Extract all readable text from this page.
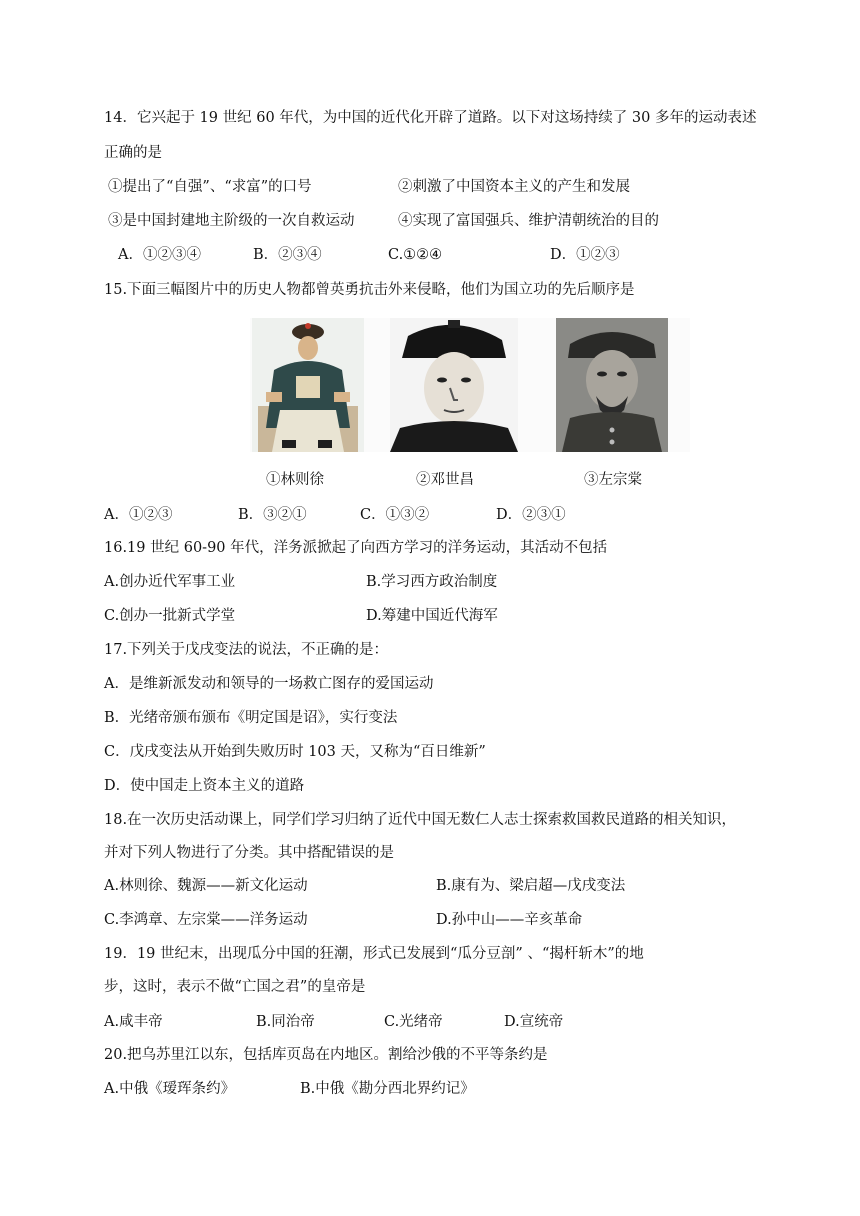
14．它兴起于 19 世纪 60 年代，为中国的近代化开辟了道路。以下对这场持续了 30 多年的运动表述
正确的是
①提出了“自强”、“求富”的口号	②刺激了中国资本主义的产生和发展
③是中国封建地主阶级的一次自救运动	④实现了富国强兵、维护清朝统治的目的
A．①②③④	B．②③④	C.①②④	D．①②③
15.下面三幅图片中的历史人物都曾英勇抗击外来侵略，他们为国立功的先后顺序是
①林则徐	②邓世昌	③左宗棠
A．①②③	B．③②①	C．①③②	D．②③①
16.19 世纪 60-90 年代，洋务派掀起了向西方学习的洋务运动，其活动不包括
A.创办近代军事工业	B.学习西方政治制度
C.创办一批新式学堂	D.筹建中国近代海军
17.下列关于戊戌变法的说法，不正确的是：
A．是维新派发动和领导的一场救亡图存的爱国运动
B．光绪帝颁布颁布《明定国是诏》，实行变法
C．戊戌变法从开始到失败历时 103 天，又称为“百日维新”
D．使中国走上资本主义的道路
18.在一次历史活动课上，同学们学习归纳了近代中国无数仁人志士探索救国救民道路的相关知识，
并对下列人物进行了分类。其中搭配错误的是
A.林则徐、魏源——新文化运动	B.康有为、梁启超—戊戌变法
C.李鸿章、左宗棠——洋务运动	D.孙中山——辛亥革命
19．19 世纪末，出现瓜分中国的狂潮，形式已发展到“瓜分豆剖” 、“揭杆斩木”的地
步，这时，表示不做“亡国之君”的皇帝是
A.咸丰帝	B.同治帝	C.光绪帝	D.宣统帝
20.把乌苏里江以东，包括库页岛在内地区。割给沙俄的不平等条约是
A.中俄《瑷珲条约》	B.中俄《勘分西北界约记》
